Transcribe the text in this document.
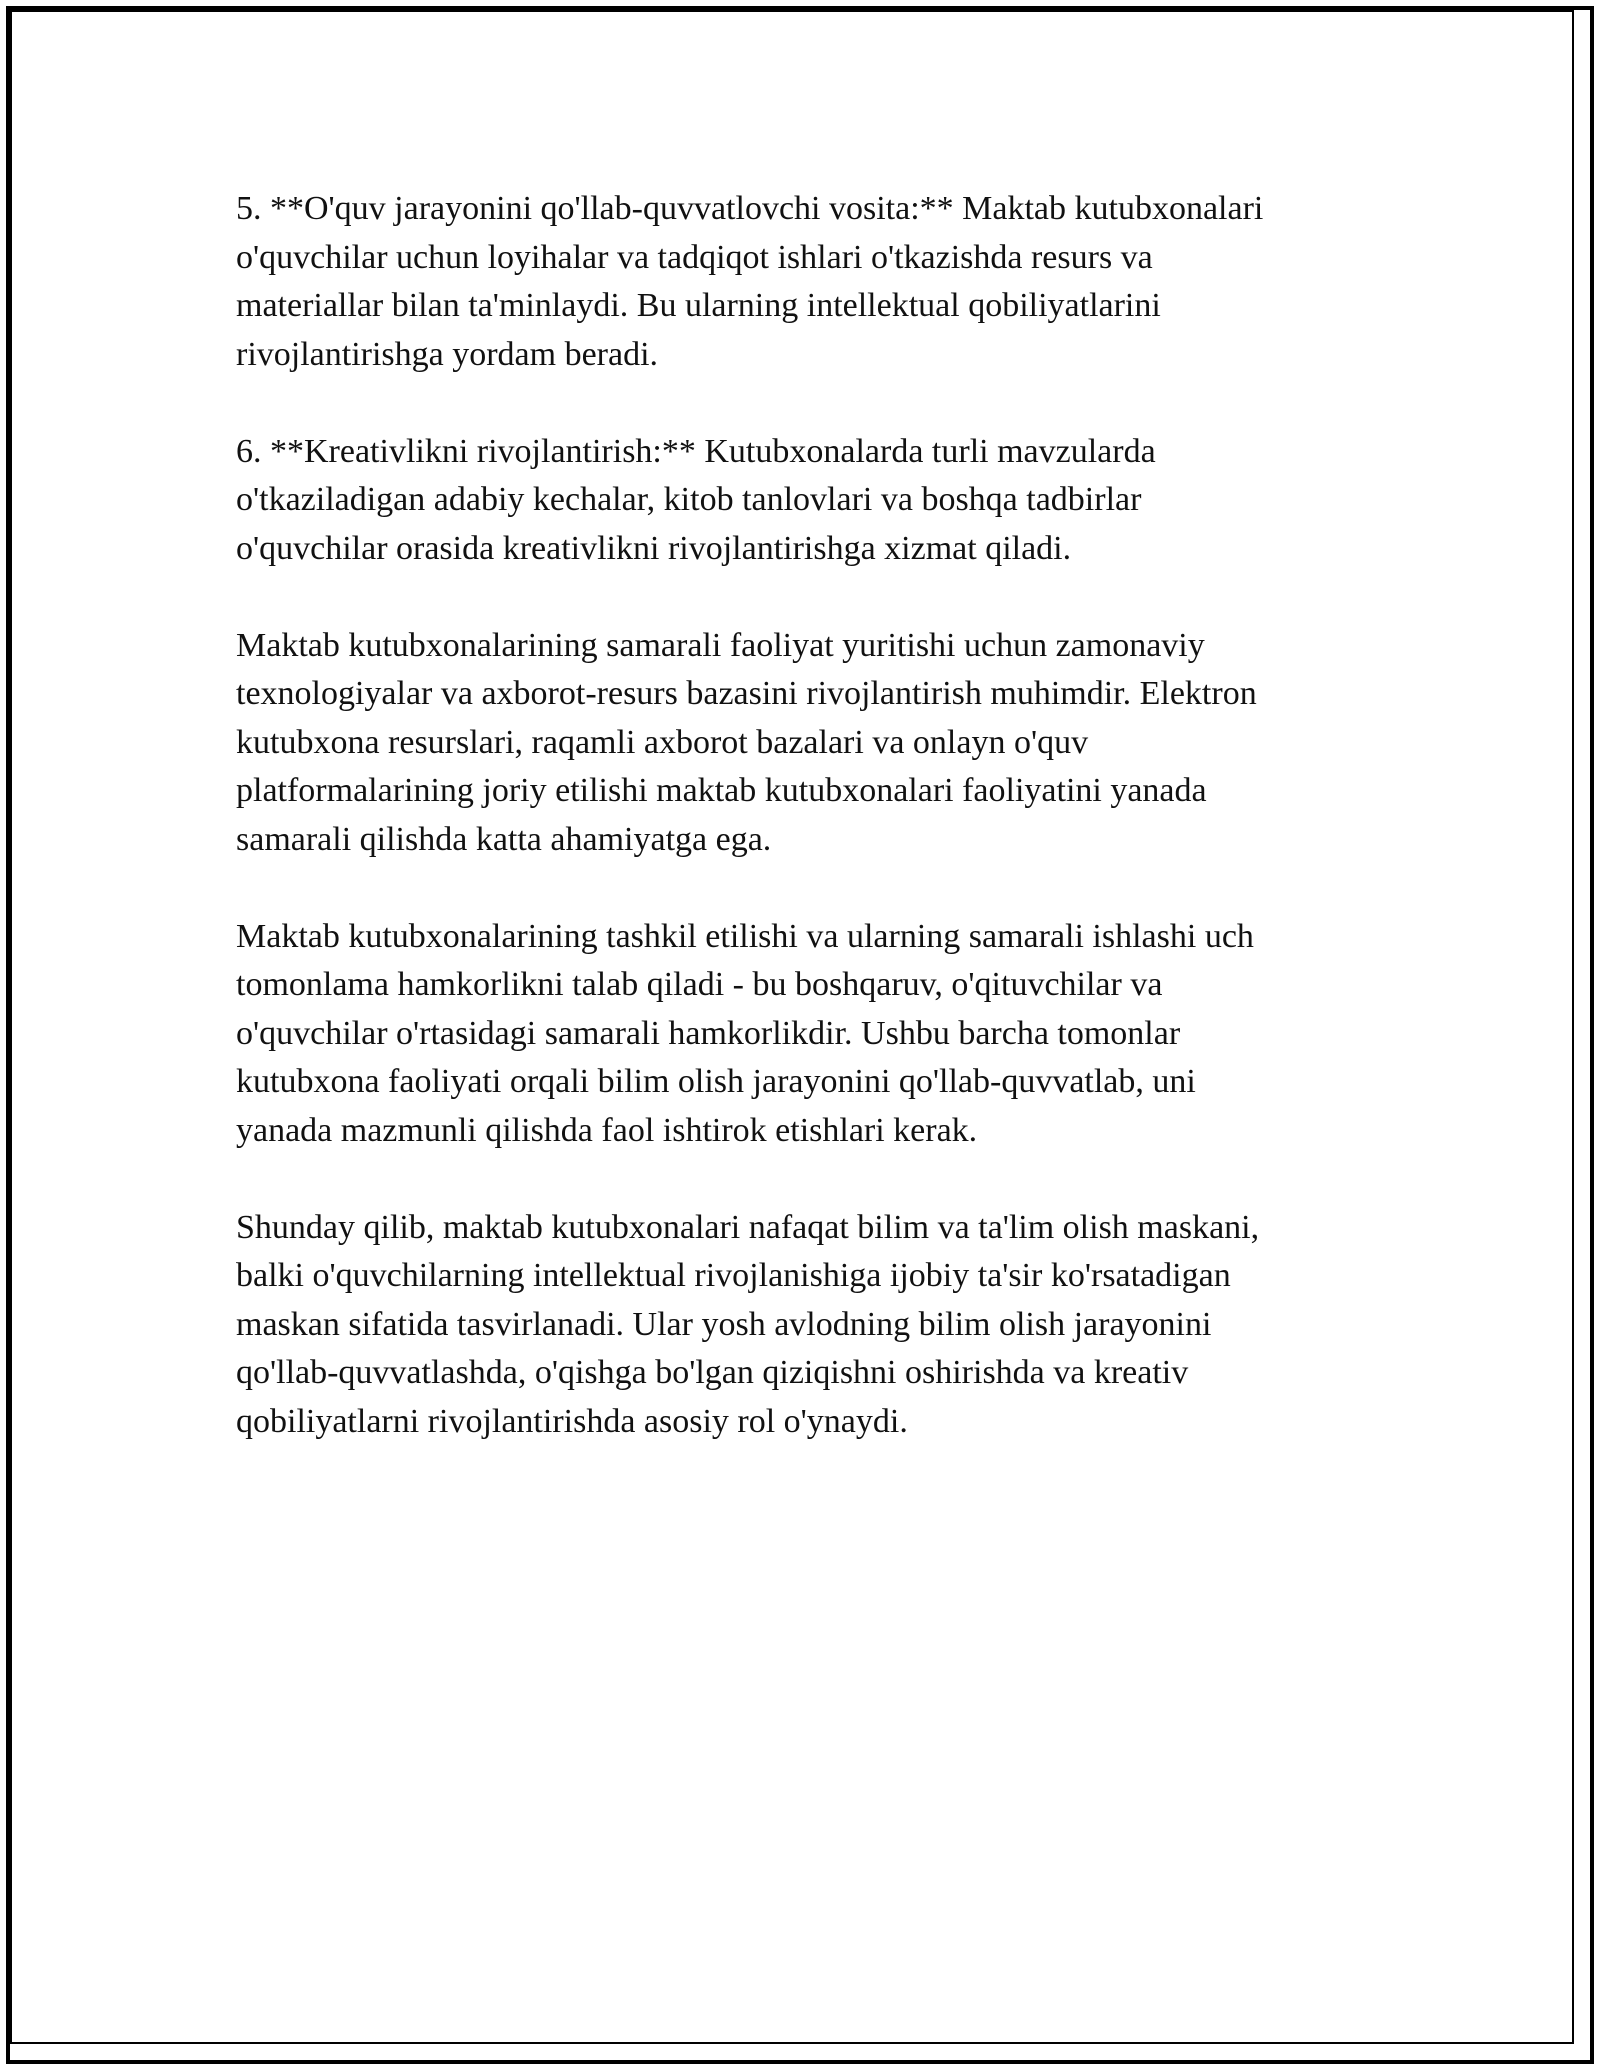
5. **O'quv jarayonini qo'llab-quvvatlovchi vosita:** Maktab kutubxonalari
o'quvchilar uchun loyihalar va tadqiqot ishlari o'tkazishda resurs va
materiallar bilan ta'minlaydi. Bu ularning intellektual qobiliyatlarini
rivojlantirishga yordam beradi.

6. **Kreativlikni rivojlantirish:** Kutubxonalarda turli mavzularda
o'tkaziladigan adabiy kechalar, kitob tanlovlari va boshqa tadbirlar
o'quvchilar orasida kreativlikni rivojlantirishga xizmat qiladi.

Maktab kutubxonalarining samarali faoliyat yuritishi uchun zamonaviy
texnologiyalar va axborot-resurs bazasini rivojlantirish muhimdir. Elektron
kutubxona resurslari, raqamli axborot bazalari va onlayn o'quv
platformalarining joriy etilishi maktab kutubxonalari faoliyatini yanada
samarali qilishda katta ahamiyatga ega.

Maktab kutubxonalarining tashkil etilishi va ularning samarali ishlashi uch
tomonlama hamkorlikni talab qiladi - bu boshqaruv, o'qituvchilar va
o'quvchilar o'rtasidagi samarali hamkorlikdir. Ushbu barcha tomonlar
kutubxona faoliyati orqali bilim olish jarayonini qo'llab-quvvatlab, uni
yanada mazmunli qilishda faol ishtirok etishlari kerak.

Shunday qilib, maktab kutubxonalari nafaqat bilim va ta'lim olish maskani,
balki o'quvchilarning intellektual rivojlanishiga ijobiy ta'sir ko'rsatadigan
maskan sifatida tasvirlanadi. Ular yosh avlodning bilim olish jarayonini
qo'llab-quvvatlashda, o'qishga bo'lgan qiziqishni oshirishda va kreativ
qobiliyatlarni rivojlantirishda asosiy rol o'ynaydi.
